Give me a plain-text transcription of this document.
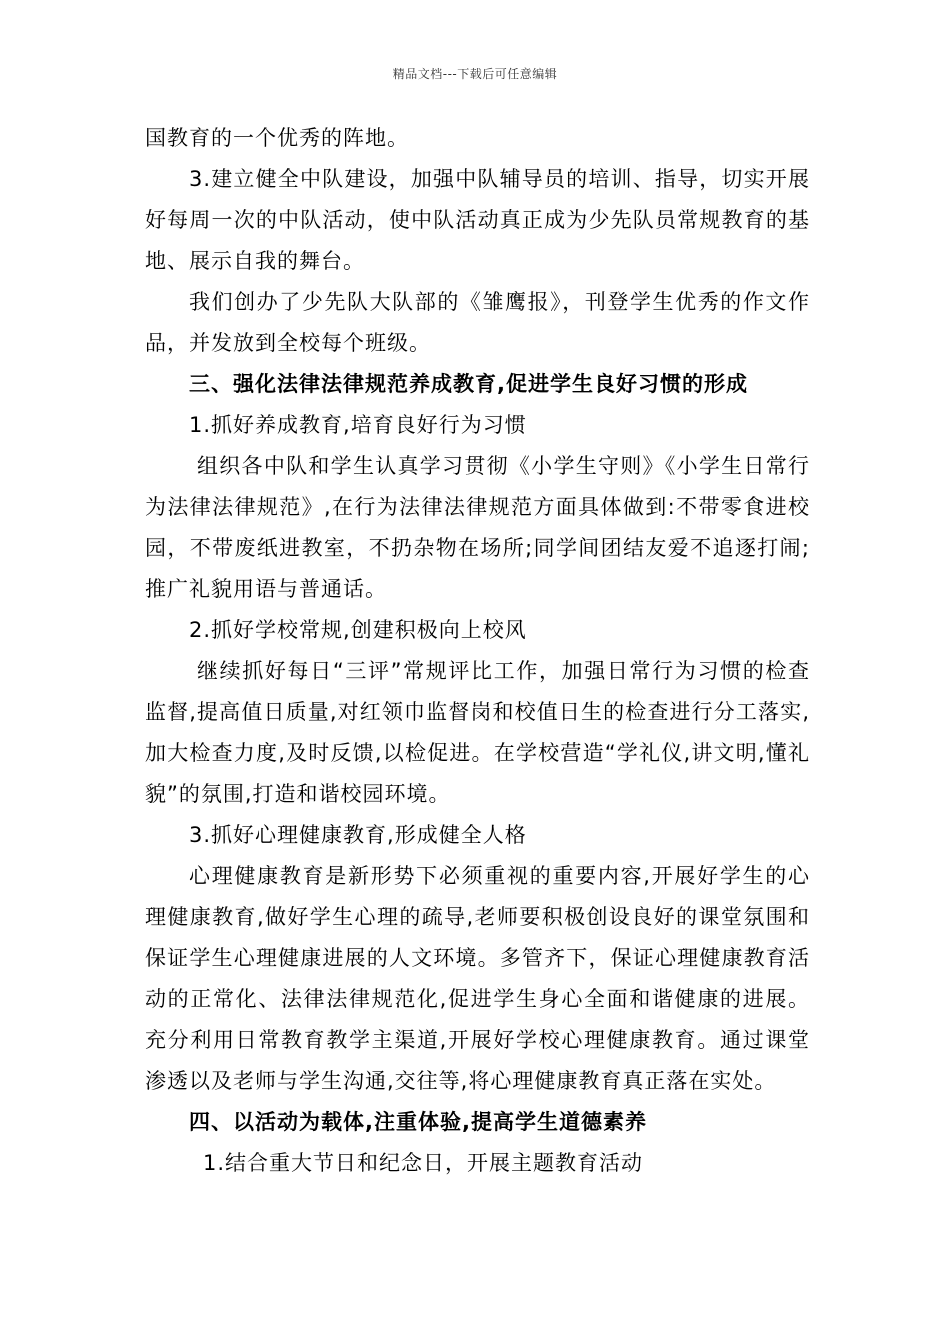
精品文档---下载后可任意编辑

国教育的一个优秀的阵地。

3.建立健全中队建设，加强中队辅导员的培训、指导，切实开展好每周一次的中队活动，使中队活动真正成为少先队员常规教育的基地、展示自我的舞台。

我们创办了少先队大队部的《雏鹰报》，刊登学生优秀的作文作品，并发放到全校每个班级。

三、强化法律法律规范养成教育,促进学生良好习惯的形成

1.抓好养成教育,培育良好行为习惯

组织各中队和学生认真学习贯彻《小学生守则》《小学生日常行为法律法律规范》,在行为法律法律规范方面具体做到:不带零食进校园，不带废纸进教室，不扔杂物在场所;同学间团结友爱不追逐打闹;推广礼貌用语与普通话。

2.抓好学校常规,创建积极向上校风

继续抓好每日“三评”常规评比工作，加强日常行为习惯的检查监督,提高值日质量,对红领巾监督岗和校值日生的检查进行分工落实,加大检查力度,及时反馈,以检促进。在学校营造“学礼仪,讲文明,懂礼貌”的氛围,打造和谐校园环境。

3.抓好心理健康教育,形成健全人格

心理健康教育是新形势下必须重视的重要内容,开展好学生的心理健康教育,做好学生心理的疏导,老师要积极创设良好的课堂氛围和保证学生心理健康进展的人文环境。多管齐下，保证心理健康教育活动的正常化、法律法律规范化,促进学生身心全面和谐健康的进展。充分利用日常教育教学主渠道,开展好学校心理健康教育。通过课堂渗透以及老师与学生沟通,交往等,将心理健康教育真正落在实处。

四、以活动为载体,注重体验,提高学生道德素养

1.结合重大节日和纪念日，开展主题教育活动
